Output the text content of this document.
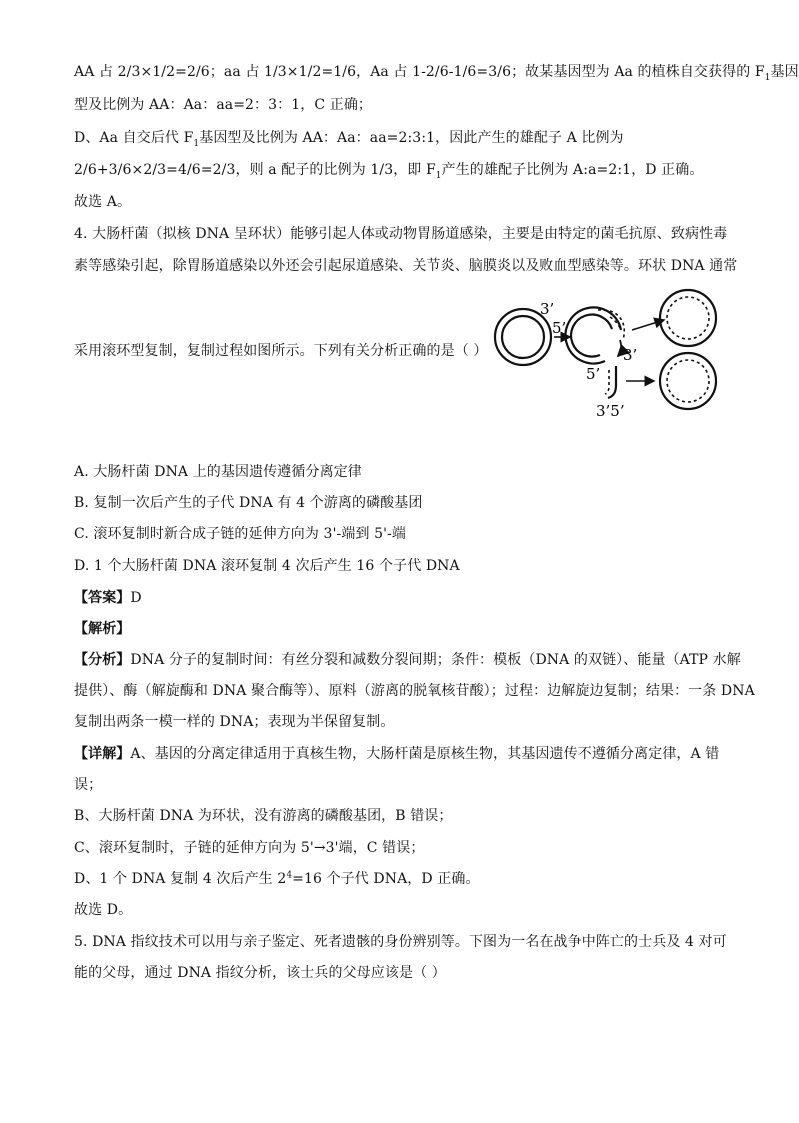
AA 占 2/3×1/2=2/6；aa 占 1/3×1/2=1/6，Aa 占 1-2/6-1/6=3/6；故某基因型为 Aa 的植株自交获得的 $F_1$基因
型及比例为 AA：Aa：aa=2：3：1，C 正确；
D、Aa 自交后代 $F_1$基因型及比例为 AA：Aa：aa=2:3:1，因此产生的雄配子 A 比例为
2/6+3/6×2/3=4/6=2/3，则 a 配子的比例为 1/3，即 $F_1$产生的雄配子比例为 A:a=2:1，D 正确。
故选 A。
4. 大肠杆菌（拟核 DNA 呈环状）能够引起人体或动物胃肠道感染，主要是由特定的菌毛抗原、致病性毒
素等感染引起，除胃肠道感染以外还会引起尿道感染、关节炎、脑膜炎以及败血型感染等。环状 DNA 通常
采用滚环型复制，复制过程如图所示。下列有关分析正确的是（ ）
3’
5’
3’
5’
3’5’
A. 大肠杆菌 DNA 上的基因遗传遵循分离定律
B. 复制一次后产生的子代 DNA 有 4 个游离的磷酸基团
C. 滚环复制时新合成子链的延伸方向为 3'-端到 5'-端
D. 1 个大肠杆菌 DNA 滚环复制 4 次后产生 16 个子代 DNA
【答案】D
【解析】
【分析】DNA 分子的复制时间：有丝分裂和减数分裂间期；条件：模板（DNA 的双链）、能量（ATP 水解
提供）、酶（解旋酶和 DNA 聚合酶等）、原料（游离的脱氧核苷酸）；过程：边解旋边复制；结果：一条 DNA
复制出两条一模一样的 DNA；表现为半保留复制。
【详解】A、基因的分离定律适用于真核生物，大肠杆菌是原核生物，其基因遗传不遵循分离定律，A 错
误；
B、大肠杆菌 DNA 为环状，没有游离的磷酸基团，B 错误；
C、滚环复制时，子链的延伸方向为 5'→3'端，C 错误；
D、1 个 DNA 复制 4 次后产生 $2^4=16$ 个子代 DNA，D 正确。
故选 D。
5. DNA 指纹技术可以用与亲子鉴定、死者遗骸的身份辨别等。下图为一名在战争中阵亡的士兵及 4 对可
能的父母，通过 DNA 指纹分析，该士兵的父母应该是（ ）
